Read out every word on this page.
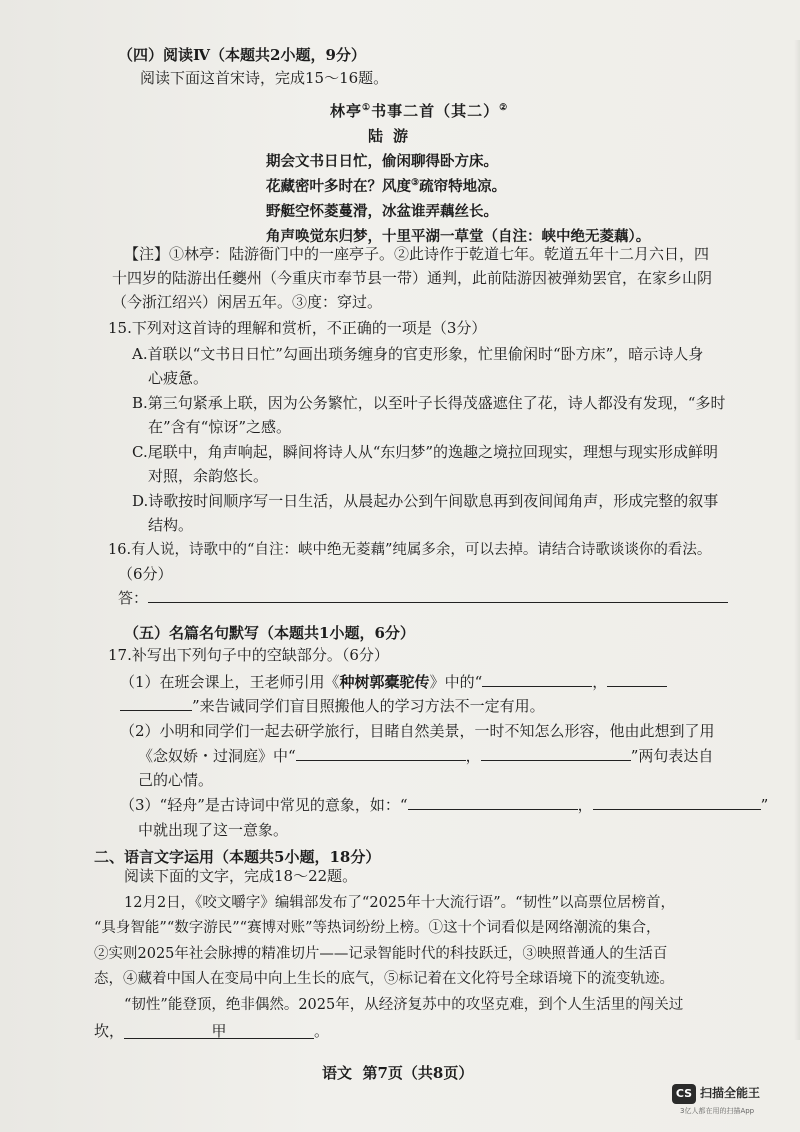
（四）阅读Ⅳ（本题共2小题，9分）
阅读下面这首宋诗，完成15～16题。
林亭①书事二首（其二）②
陆游
期会文书日日忙，偷闲聊得卧方床。
花藏密叶多时在？风度③疏帘特地凉。
野艇空怀菱蔓滑，冰盆谁弄藕丝长。
角声唤觉东归梦，十里平湖一草堂（自注：峡中绝无菱藕）。
【注】①林亭：陆游衙门中的一座亭子。②此诗作于乾道七年。乾道五年十二月六日，四
十四岁的陆游出任夔州（今重庆市奉节县一带）通判，此前陆游因被弹劾罢官，在家乡山阴
（今浙江绍兴）闲居五年。③度：穿过。
15.下列对这首诗的理解和赏析，不正确的一项是（3分）
A.首联以“文书日日忙”勾画出琐务缠身的官吏形象，忙里偷闲时“卧方床”，暗示诗人身
心疲惫。
B.第三句紧承上联，因为公务繁忙，以至叶子长得茂盛遮住了花，诗人都没有发现，“多时
在”含有“惊讶”之感。
C.尾联中，角声响起，瞬间将诗人从“东归梦”的逸趣之境拉回现实，理想与现实形成鲜明
对照，余韵悠长。
D.诗歌按时间顺序写一日生活，从晨起办公到午间歇息再到夜间闻角声，形成完整的叙事
结构。
16.有人说，诗歌中的“自注：峡中绝无菱藕”纯属多余，可以去掉。请结合诗歌谈谈你的看法。
（6分）
答：
（五）名篇名句默写（本题共1小题，6分）
17.补写出下列句子中的空缺部分。（6分）
（1）在班会课上，王老师引用《种树郭橐驼传》中的“	，
”来告诫同学们盲目照搬他人的学习方法不一定有用。
（2）小明和同学们一起去研学旅行，目睹自然美景，一时不知怎么形容，他由此想到了用
《念奴娇・过洞庭》中“	，	”两句表达自
己的心情。
（3）“轻舟”是古诗词中常见的意象，如：“	，	”
中就出现了这一意象。
二、语言文字运用（本题共5小题，18分）
阅读下面的文字，完成18～22题。
12月2日，《咬文嚼字》编辑部发布了“2025年十大流行语”。“韧性”以高票位居榜首，
“具身智能”“数字游民”“赛博对账”等热词纷纷上榜。①这十个词看似是网络潮流的集合，
②实则2025年社会脉搏的精准切片——记录智能时代的科技跃迁，③映照普通人的生活百
态，④藏着中国人在变局中向上生长的底气，⑤标记着在文化符号全球语境下的流变轨迹。
“韧性”能登顶，绝非偶然。2025年，从经济复苏中的攻坚克难，到个人生活里的闯关过
坎，	甲	。
语文 第7页（共8页）
CS 扫描全能王
3亿人都在用的扫描App
